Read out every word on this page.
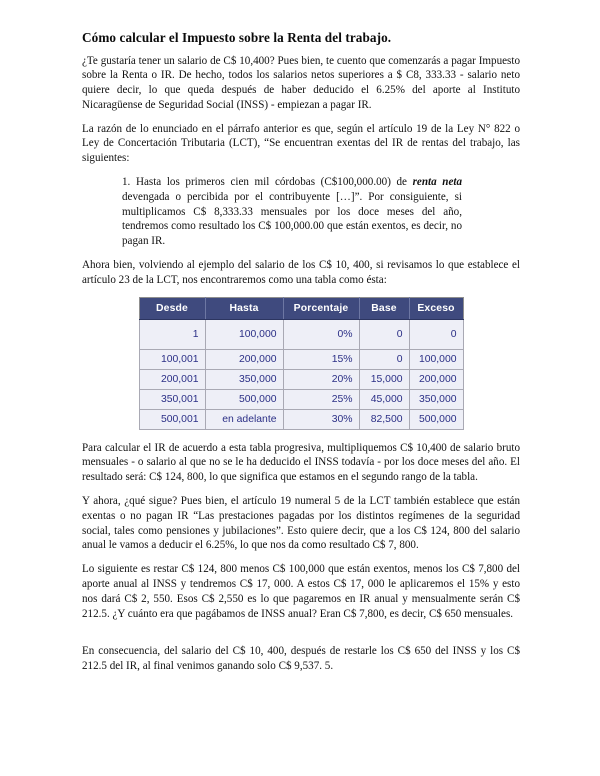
Cómo calcular el Impuesto sobre la Renta del trabajo.

¿Te gustaría tener un salario de C$ 10,400? Pues bien, te cuento que comenzarás a pagar Impuesto sobre la Renta o IR. De hecho, todos los salarios netos superiores a $ C8, 333.33 - salario neto quiere decir, lo que queda después de haber deducido el 6.25% del aporte al Instituto Nicaragüense de Seguridad Social (INSS) - empiezan a pagar IR.

La razón de lo enunciado en el párrafo anterior es que, según el artículo 19 de la Ley N° 822 o Ley de Concertación Tributaria (LCT), “Se encuentran exentas del IR de rentas del trabajo, las siguientes:

1. Hasta los primeros cien mil córdobas (C$100,000.00) de renta neta devengada o percibida por el contribuyente […]”. Por consiguiente, si multiplicamos C$ 8,333.33 mensuales por los doce meses del año, tendremos como resultado los C$ 100,000.00 que están exentos, es decir, no pagan IR.

Ahora bien, volviendo al ejemplo del salario de los C$ 10, 400, si revisamos lo que establece el artículo 23 de la LCT, nos encontraremos como una tabla como ésta:

Desde	Hasta	Porcentaje	Base	Exceso
1	100,000	0%	0	0
100,001	200,000	15%	0	100,000
200,001	350,000	20%	15,000	200,000
350,001	500,000	25%	45,000	350,000
500,001	en adelante	30%	82,500	500,000

Para calcular el IR de acuerdo a esta tabla progresiva, multipliquemos C$ 10,400 de salario bruto mensuales - o salario al que no se le ha deducido el INSS todavía - por los doce meses del año. El resultado será: C$ 124, 800, lo que significa que estamos en el segundo rango de la tabla.

Y ahora, ¿qué sigue? Pues bien, el artículo 19 numeral 5 de la LCT también establece que están exentas o no pagan IR “Las prestaciones pagadas por los distintos regímenes de la seguridad social, tales como pensiones y jubilaciones”. Esto quiere decir, que a los C$ 124, 800 del salario anual le vamos a deducir el 6.25%, lo que nos da como resultado C$ 7, 800.

Lo siguiente es restar C$ 124, 800 menos C$ 100,000 que están exentos, menos los C$ 7,800 del aporte anual al INSS y tendremos C$ 17, 000. A estos C$ 17, 000 le aplicaremos el 15% y esto nos dará C$ 2, 550. Esos C$ 2,550 es lo que pagaremos en IR anual y mensualmente serán C$ 212.5. ¿Y cuánto era que pagábamos de INSS anual? Eran C$ 7,800, es decir, C$ 650 mensuales.

En consecuencia, del salario del C$ 10, 400, después de restarle los C$ 650 del INSS y los C$ 212.5 del IR, al final venimos ganando solo C$ 9,537. 5.
